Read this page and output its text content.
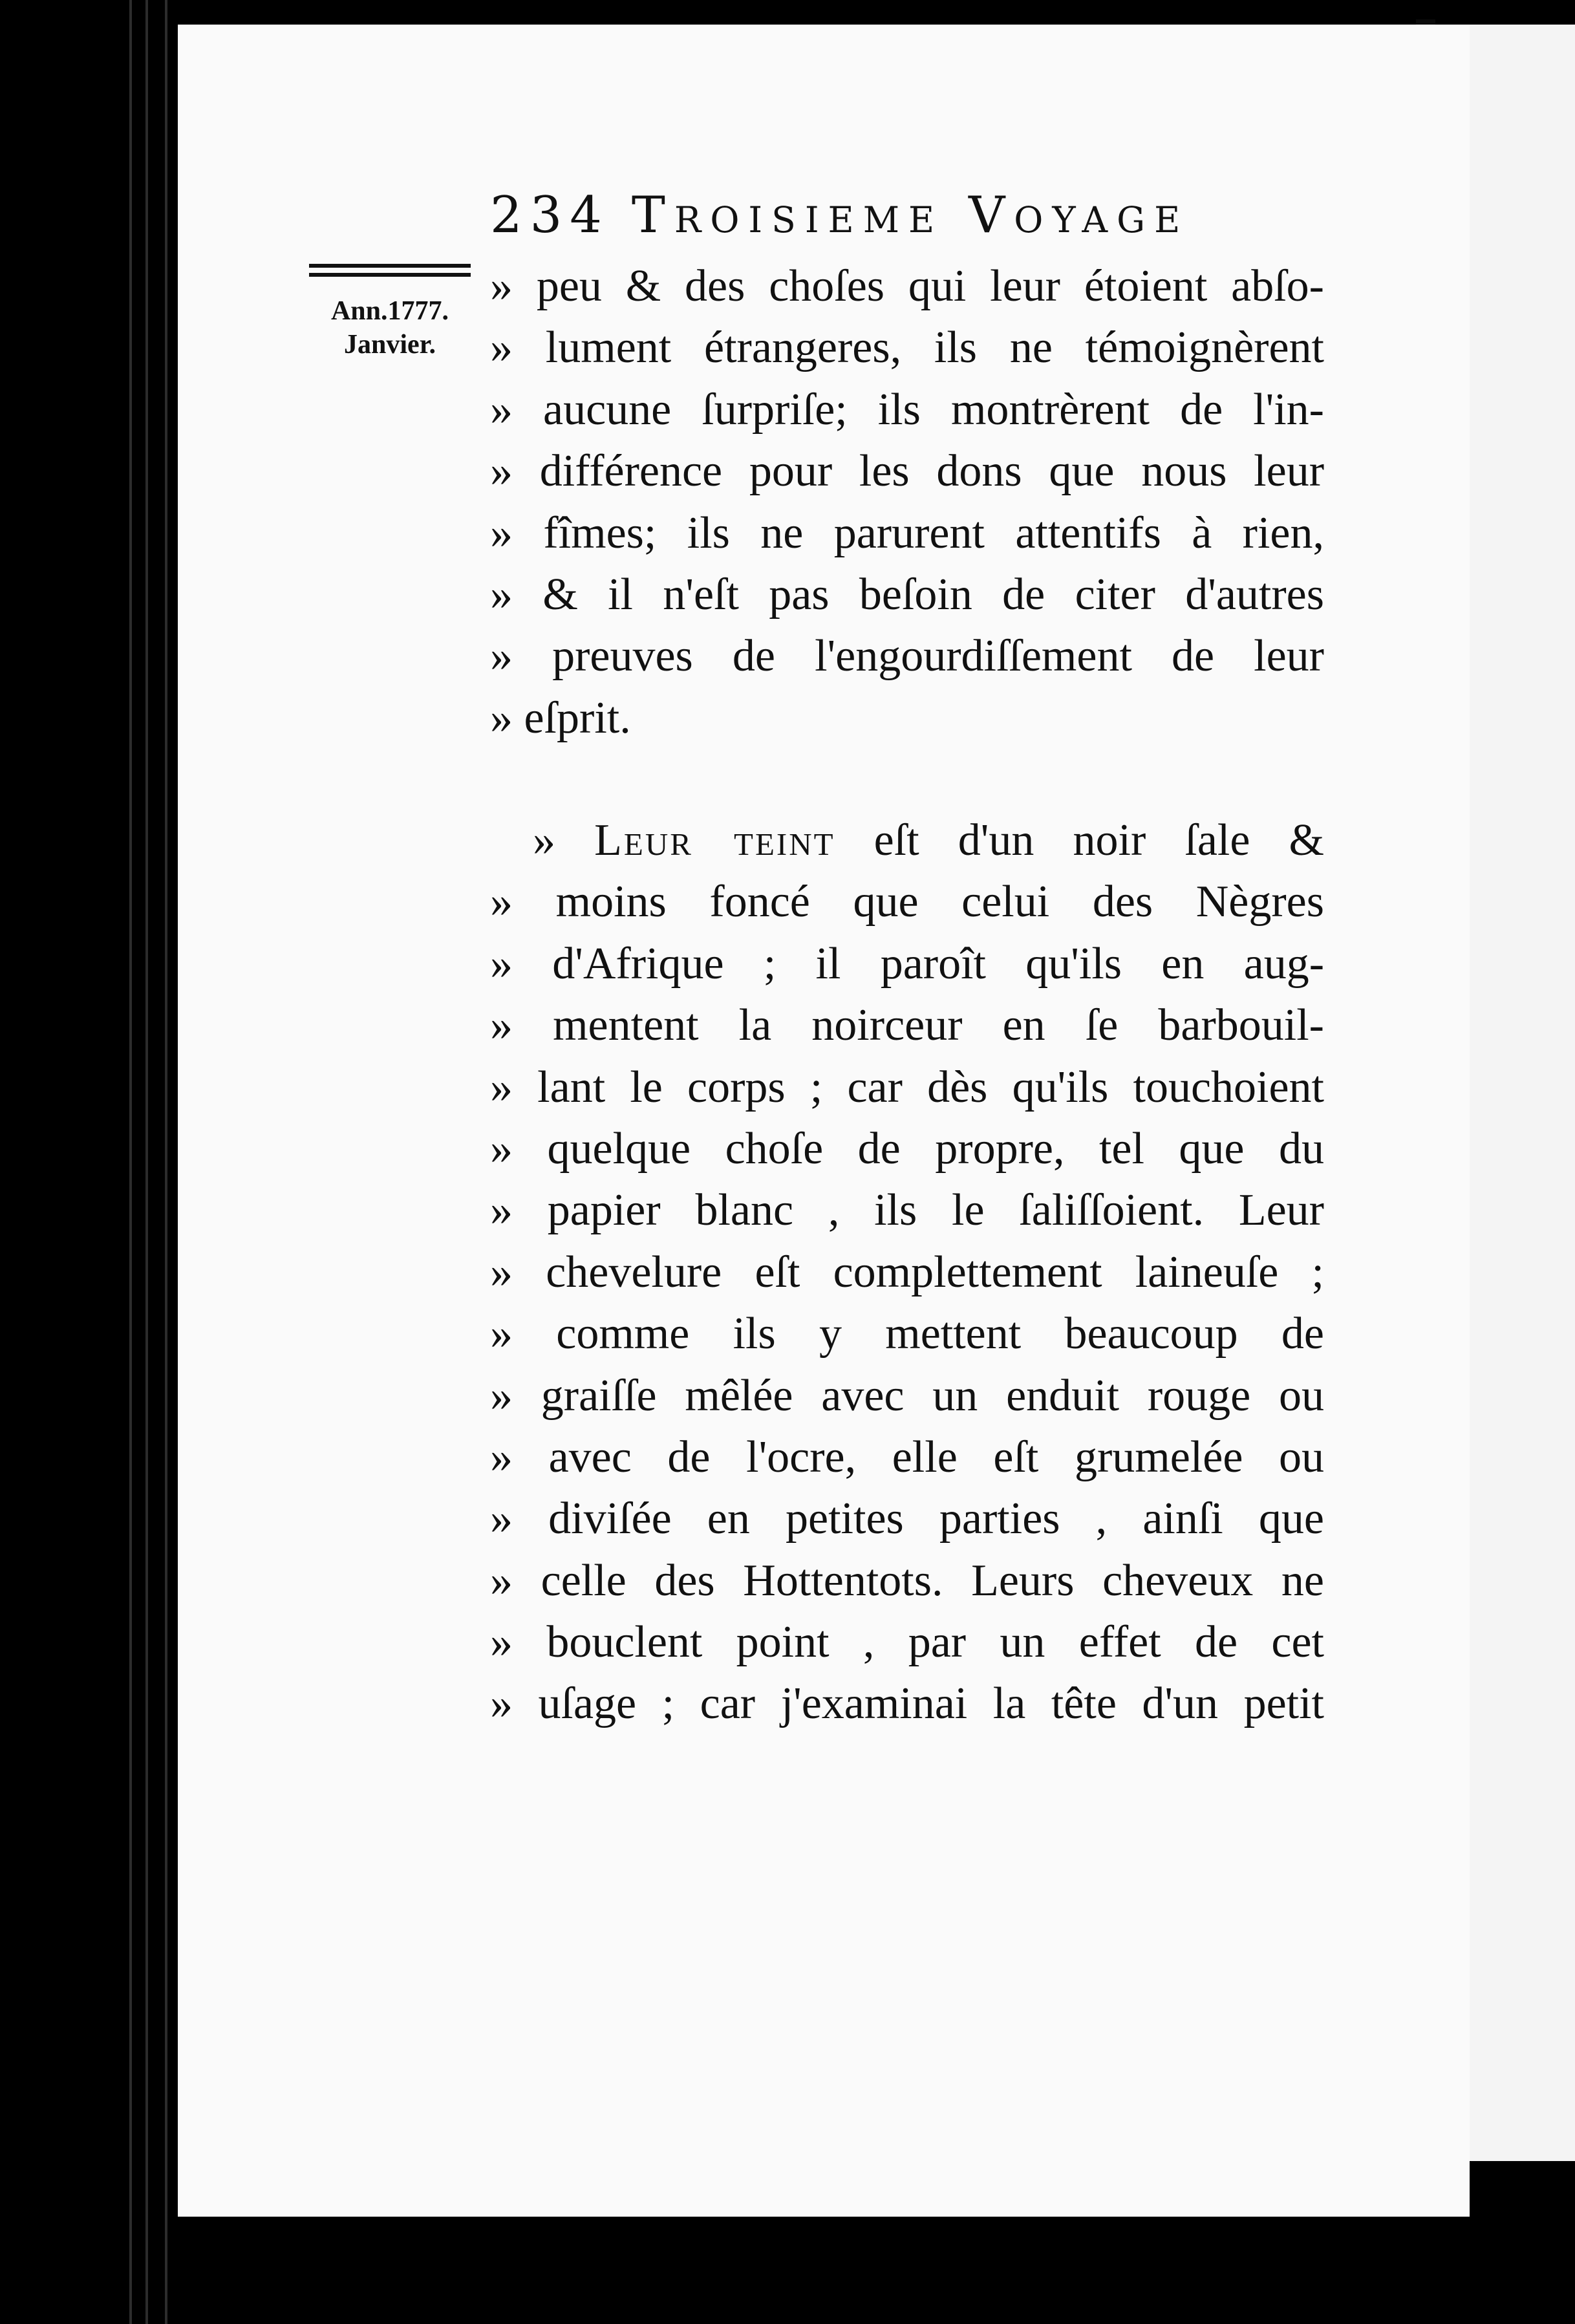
234 Troisieme Voyage
Ann.1777.
Janvier.
» peu & des choſes qui leur étoient abſo-
» lument étrangeres, ils ne témoignèrent
» aucune ſurpriſe; ils montrèrent de l'in-
» différence pour les dons que nous leur
» fîmes; ils ne parurent attentifs à rien,
» & il n'eſt pas beſoin de citer d'autres
» preuves de l'engourdiſſement de leur
» eſprit.
» Leur teint eſt d'un noir ſale &
» moins foncé que celui des Nègres
» d'Afrique ; il paroît qu'ils en aug-
» mentent la noirceur en ſe barbouil-
» lant le corps ; car dès qu'ils touchoient
» quelque choſe de propre, tel que du
» papier blanc , ils le ſaliſſoient. Leur
» chevelure eſt complettement laineuſe ;
» comme ils y mettent beaucoup de
» graiſſe mêlée avec un enduit rouge ou
» avec de l'ocre, elle eſt grumelée ou
» diviſée en petites parties , ainſi que
» celle des Hottentots. Leurs cheveux ne
» bouclent point , par un effet de cet
» uſage ; car j'examinai la tête d'un petit
